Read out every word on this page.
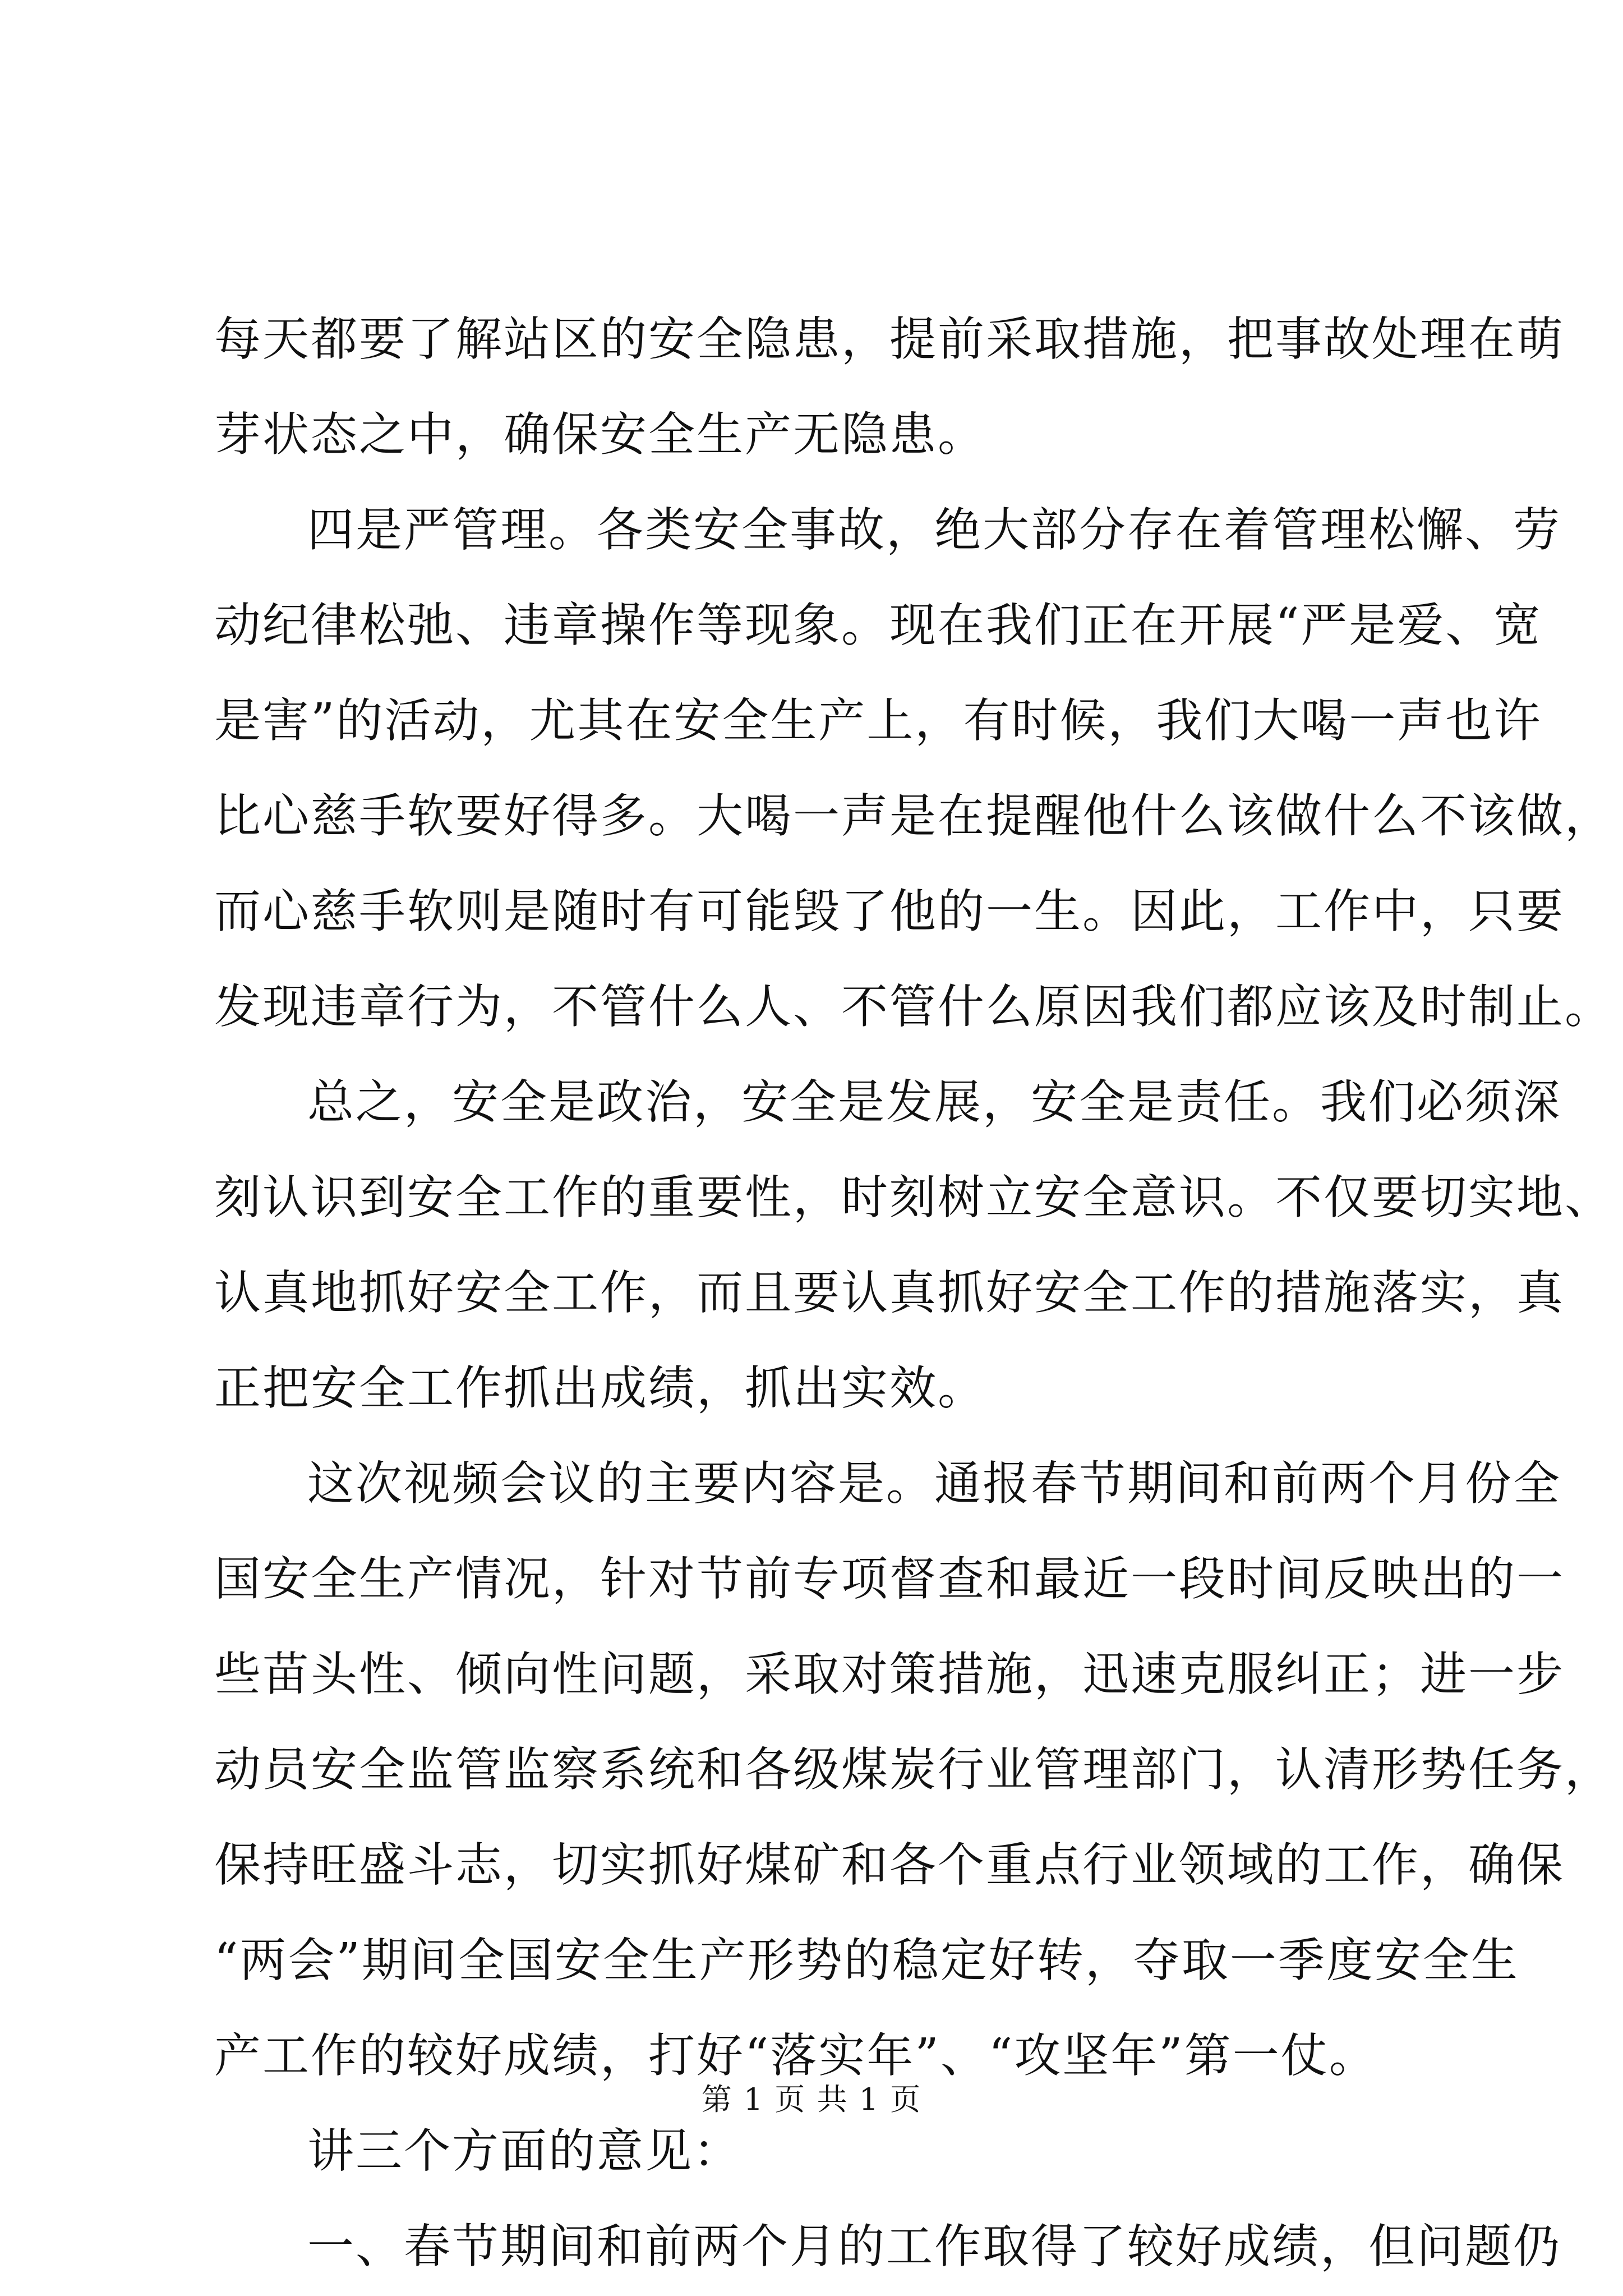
每天都要了解站区的安全隐患，提前采取措施，把事故处理在萌
芽状态之中，确保安全生产无隐患。
四是严管理。各类安全事故，绝大部分存在着管理松懈、劳
动纪律松弛、违章操作等现象。现在我们正在开展“严是爱、宽
是害”的活动，尤其在安全生产上，有时候，我们大喝一声也许
比心慈手软要好得多。大喝一声是在提醒他什么该做什么不该做，
而心慈手软则是随时有可能毁了他的一生。因此，工作中，只要
发现违章行为，不管什么人、不管什么原因我们都应该及时制止。
总之，安全是政治，安全是发展，安全是责任。我们必须深
刻认识到安全工作的重要性，时刻树立安全意识。不仅要切实地、
认真地抓好安全工作，而且要认真抓好安全工作的措施落实，真
正把安全工作抓出成绩，抓出实效。
这次视频会议的主要内容是。通报春节期间和前两个月份全
国安全生产情况，针对节前专项督查和最近一段时间反映出的一
些苗头性、倾向性问题，采取对策措施，迅速克服纠正；进一步
动员安全监管监察系统和各级煤炭行业管理部门，认清形势任务，
保持旺盛斗志，切实抓好煤矿和各个重点行业领域的工作，确保
“两会”期间全国安全生产形势的稳定好转，夺取一季度安全生
产工作的较好成绩，打好“落实年”、“攻坚年”第一仗。
讲三个方面的意见：
一、春节期间和前两个月的工作取得了较好成绩，但问题仍
第 1 页 共 1 页
